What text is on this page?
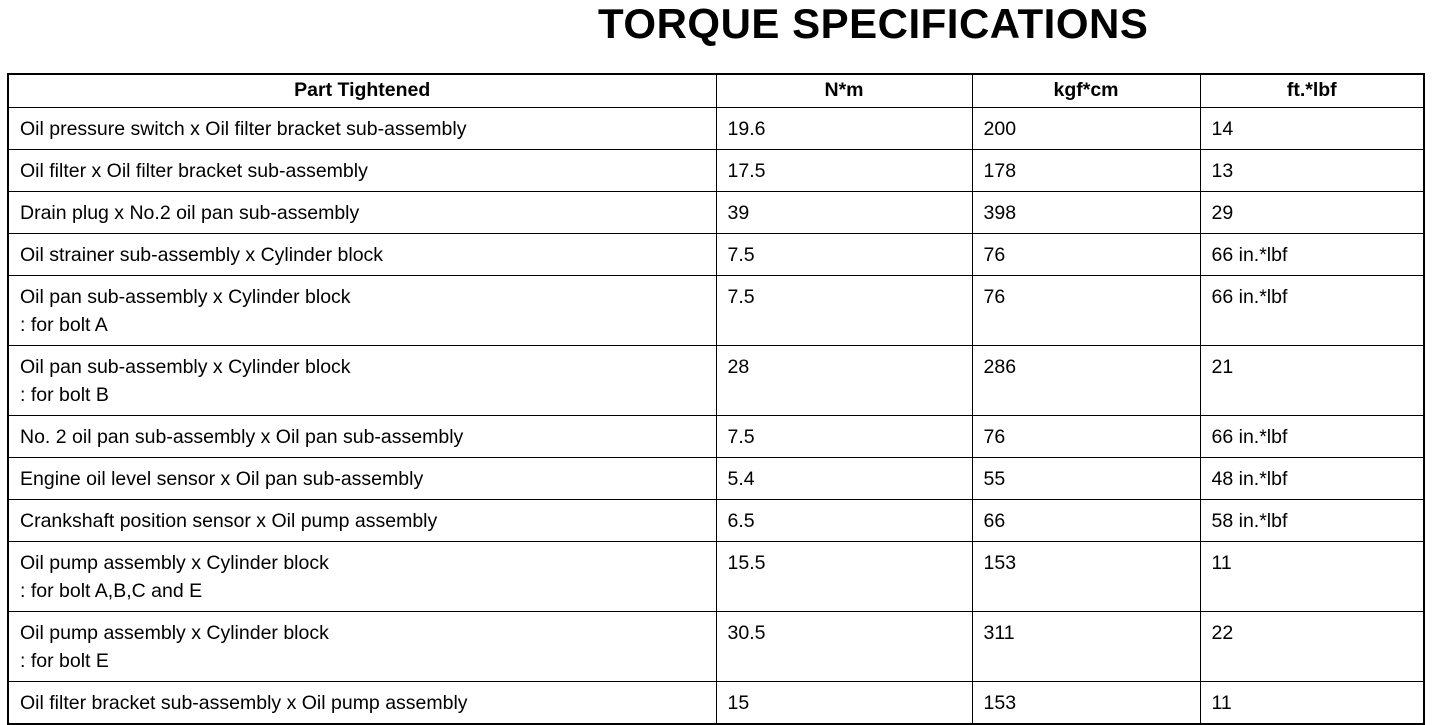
TORQUE SPECIFICATIONS
Part Tightened	N*m	kgf*cm	ft.*lbf

Oil pressure switch x Oil filter bracket sub-assembly	19.6	200	14

Oil filter x Oil filter bracket sub-assembly	17.5	178	13

Drain plug x No.2 oil pan sub-assembly	39	398	29

Oil strainer sub-assembly x Cylinder block	7.5	76	66 in.*lbf

Oil pan sub-assembly x Cylinder block
: for bolt A	7.5	76	66 in.*lbf

Oil pan sub-assembly x Cylinder block
: for bolt B	28	286	21

No. 2 oil pan sub-assembly x Oil pan sub-assembly	7.5	76	66 in.*lbf

Engine oil level sensor x Oil pan sub-assembly	5.4	55	48 in.*lbf

Crankshaft position sensor x Oil pump assembly	6.5	66	58 in.*lbf

Oil pump assembly x Cylinder block
: for bolt A,B,C and E	15.5	153	11

Oil pump assembly x Cylinder block
: for bolt E	30.5	311	22

Oil filter bracket sub-assembly x Oil pump assembly	15	153	11
